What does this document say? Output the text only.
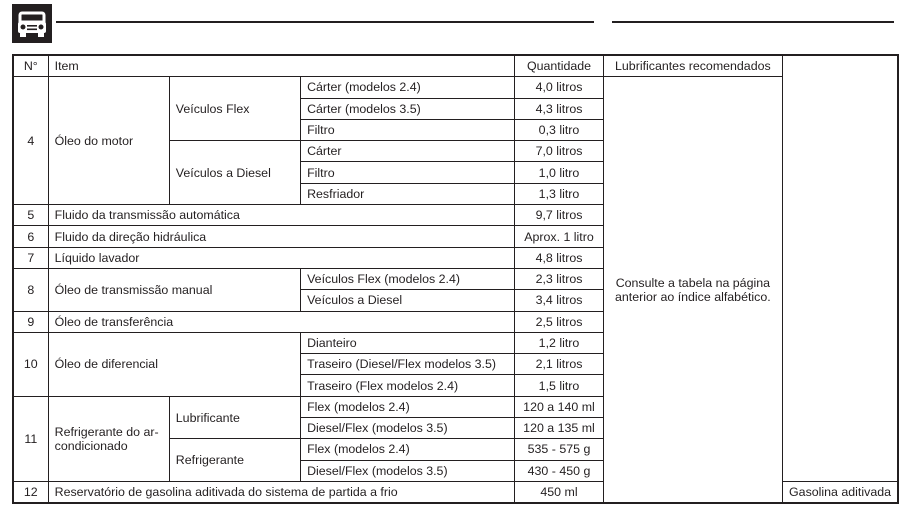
N°	Item			Quantidade	Lubrificantes recomendados	
4	Óleo do motor	Veículos Flex	Cárter (modelos 2.4)	4,0 litros	Consulte a tabela na página anterior ao índice alfabético.	
			Cárter (modelos 3.5)	4,3 litros		
			Filtro	0,3 litro		
		Veículos a Diesel	Cárter	7,0 litros		
			Filtro	1,0 litro		
			Resfriador	1,3 litro		
5	Fluido da transmissão automática			9,7 litros		
6	Fluido da direção hidráulica			Aprox. 1 litro		
7	Líquido lavador			4,8 litros		
8	Óleo de transmissão manual		Veículos Flex (modelos 2.4)	2,3 litros		
			Veículos a Diesel	3,4 litros		
9	Óleo de transferência			2,5 litros		
10	Óleo de diferencial		Dianteiro	1,2 litro		
			Traseiro (Diesel/Flex modelos 3.5)	2,1 litros		
			Traseiro (Flex modelos 2.4)	1,5 litro		
11	Refrigerante do ar-condicionado	Lubrificante	Flex (modelos 2.4)	120 a 140 ml		
			Diesel/Flex (modelos 3.5)	120 a 135 ml		
		Refrigerante	Flex (modelos 2.4)	535 - 575 g		
			Diesel/Flex (modelos 3.5)	430 - 450 g		
12	Reservatório de gasolina aditivada do sistema de partida a frio			450 ml		Gasolina aditivada
